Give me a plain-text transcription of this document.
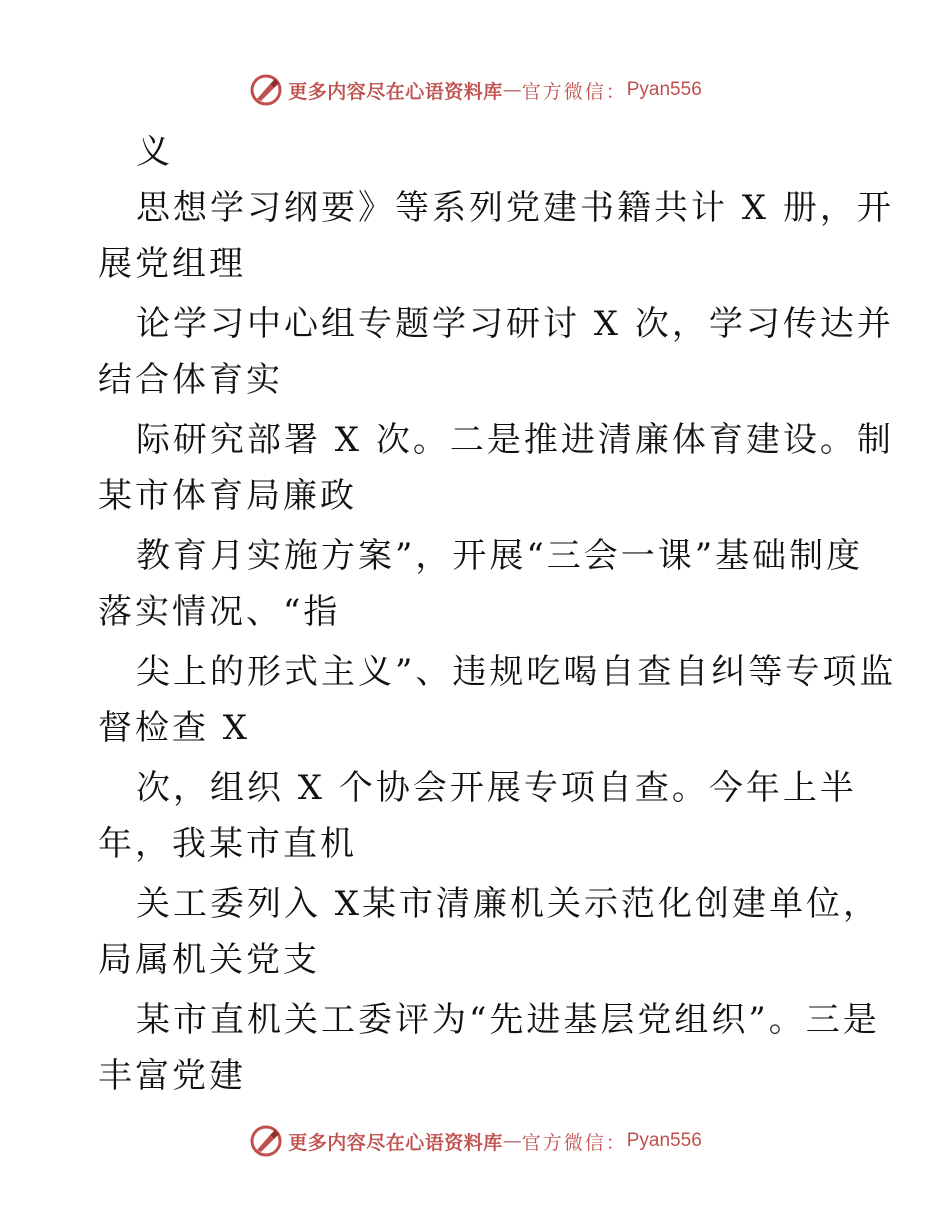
更多内容尽在心语资料库 — 官方微信： Pyan556
义
思想学习纲要》等系列党建书籍共计 X 册，开
展党组理
论学习中心组专题学习研讨 X 次，学习传达并
结合体育实
际研究部署 X 次。二是推进清廉体育建设。制
某市体育局廉政
教育月实施方案”，开展“三会一课”基础制度
落实情况、“指
尖上的形式主义”、违规吃喝自查自纠等专项监
督检查 X
次，组织 X 个协会开展专项自查。今年上半
年，我某市直机
关工委列入 X某市清廉机关示范化创建单位，
局属机关党支
某市直机关工委评为“先进基层党组织”。三是
丰富党建
更多内容尽在心语资料库 — 官方微信： Pyan556
